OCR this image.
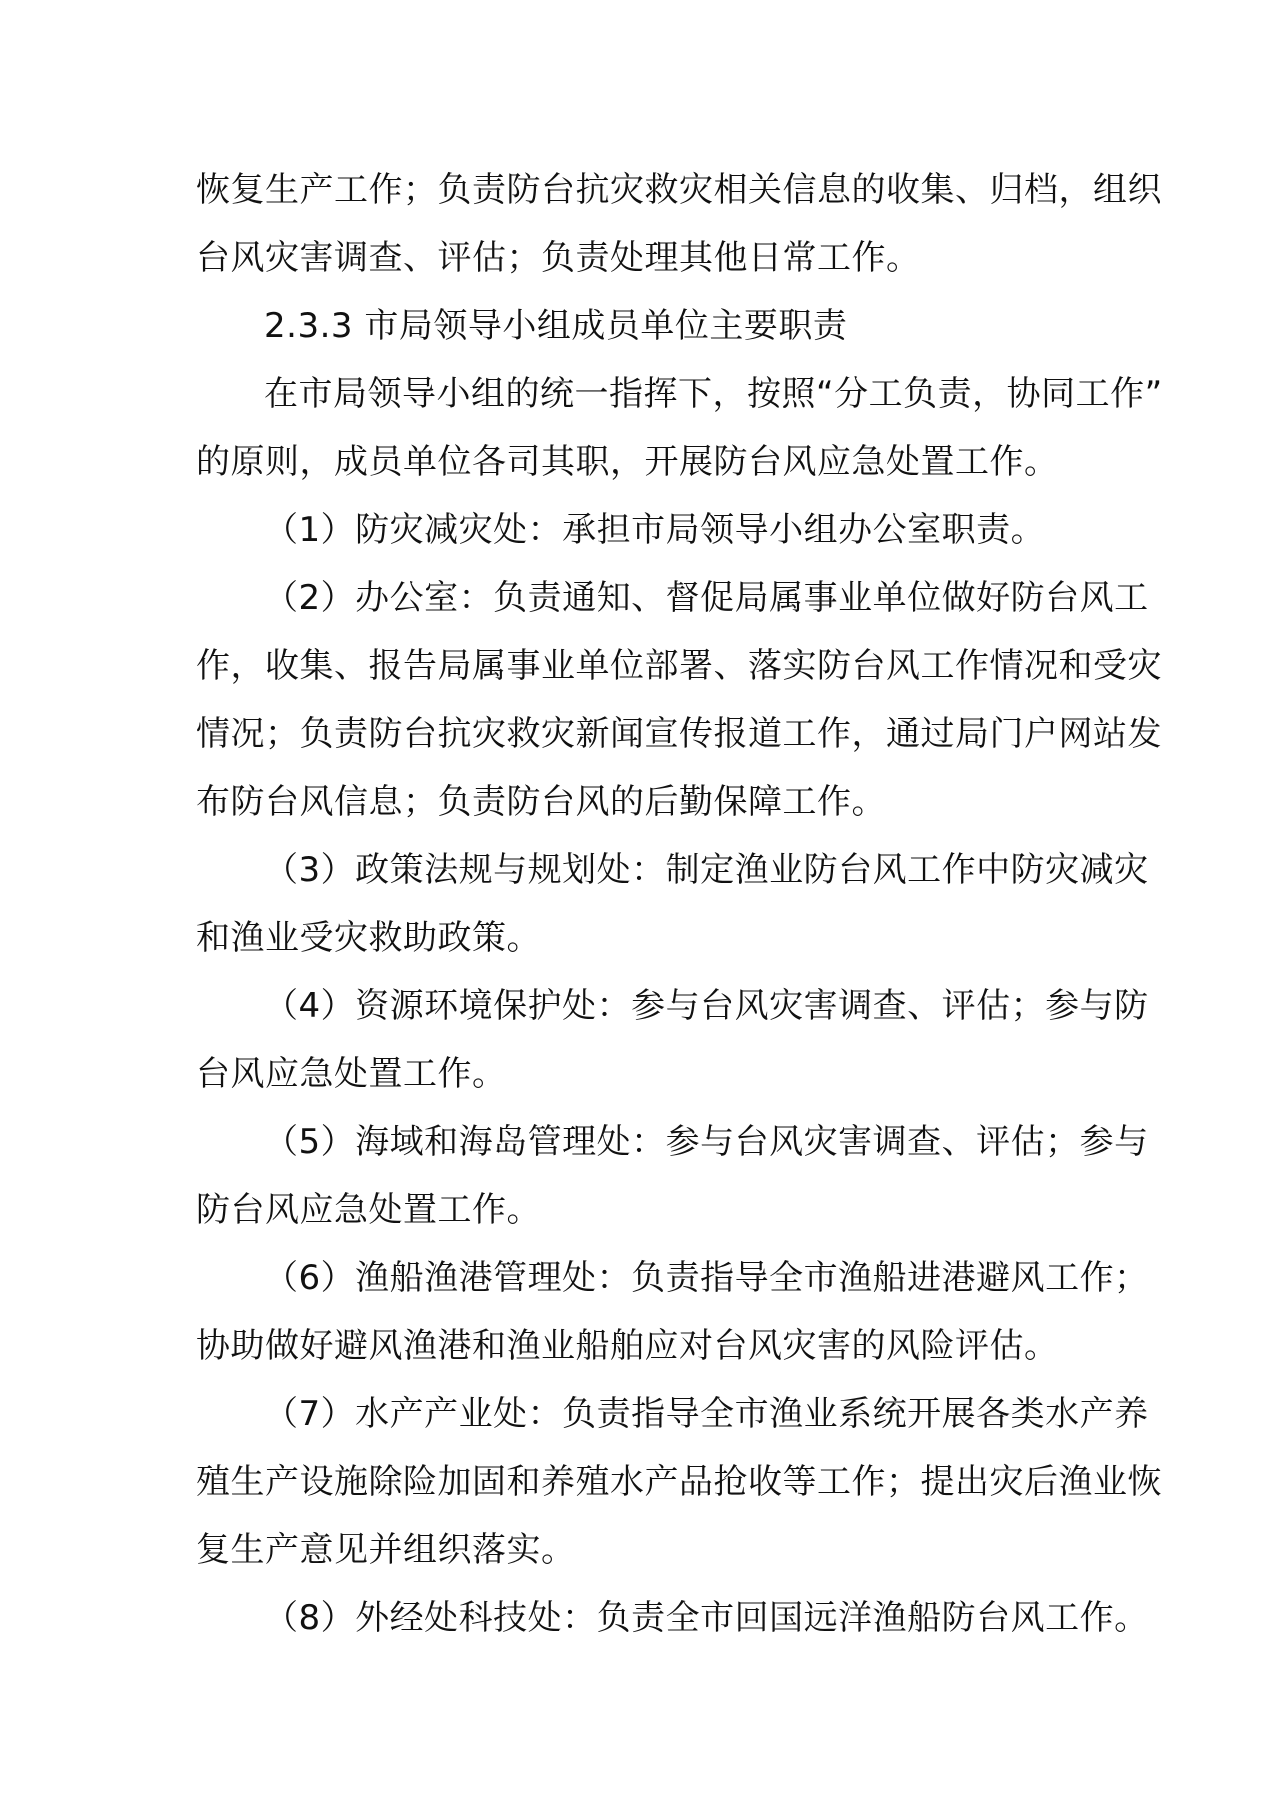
恢复生产工作；负责防台抗灾救灾相关信息的收集、归档，组织
台风灾害调查、评估；负责处理其他日常工作。
2.3.3 市局领导小组成员单位主要职责
在市局领导小组的统一指挥下，按照“分工负责，协同工作”
的原则，成员单位各司其职，开展防台风应急处置工作。
（1）防灾减灾处：承担市局领导小组办公室职责。
（2）办公室：负责通知、督促局属事业单位做好防台风工
作，收集、报告局属事业单位部署、落实防台风工作情况和受灾
情况；负责防台抗灾救灾新闻宣传报道工作，通过局门户网站发
布防台风信息；负责防台风的后勤保障工作。
（3）政策法规与规划处：制定渔业防台风工作中防灾减灾
和渔业受灾救助政策。
（4）资源环境保护处：参与台风灾害调查、评估；参与防
台风应急处置工作。
（5）海域和海岛管理处：参与台风灾害调查、评估；参与
防台风应急处置工作。
（6）渔船渔港管理处：负责指导全市渔船进港避风工作；
协助做好避风渔港和渔业船舶应对台风灾害的风险评估。
（7）水产产业处：负责指导全市渔业系统开展各类水产养
殖生产设施除险加固和养殖水产品抢收等工作；提出灾后渔业恢
复生产意见并组织落实。
（8）外经处科技处：负责全市回国远洋渔船防台风工作。
